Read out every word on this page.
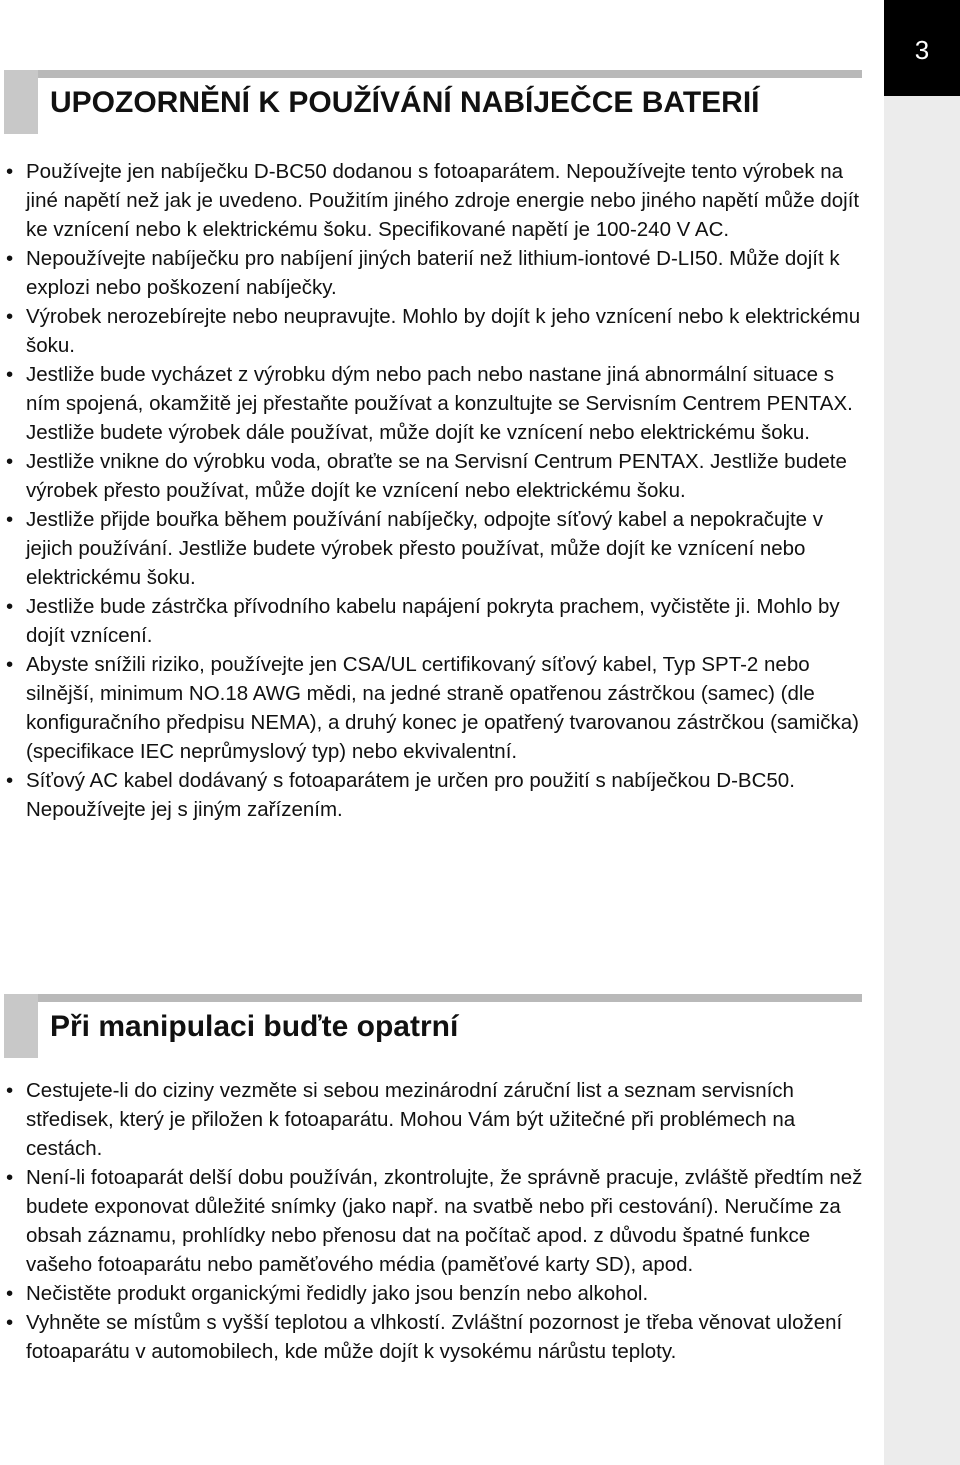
3
UPOZORNĚNÍ K POUŽÍVÁNÍ NABÍJEČCE BATERIÍ
• Používejte jen nabíječku D-BC50 dodanou s fotoaparátem. Nepoužívejte tento výrobek na jiné napětí než jak je uvedeno. Použitím jiného zdroje energie nebo jiného napětí může dojít ke vznícení nebo k elektrickému šoku. Specifikované napětí je 100-240 V AC.
• Nepoužívejte nabíječku pro nabíjení jiných baterií než lithium-iontové D-LI50. Může dojít k explozi nebo poškození nabíječky.
• Výrobek nerozebírejte nebo neupravujte. Mohlo by dojít k jeho vznícení nebo k elektrickému šoku.
• Jestliže bude vycházet z výrobku dým nebo pach nebo nastane jiná abnormální situace s ním spojená, okamžitě jej přestaňte používat a konzultujte se Servisním Centrem PENTAX. Jestliže budete výrobek dále používat, může dojít ke vznícení nebo elektrickému šoku.
• Jestliže vnikne do výrobku voda, obraťte se na Servisní Centrum PENTAX. Jestliže budete výrobek přesto používat, může dojít ke vznícení nebo elektrickému šoku.
• Jestliže přijde bouřka během používání nabíječky, odpojte síťový kabel a nepokračujte v jejich používání. Jestliže budete výrobek přesto používat, může dojít ke vznícení nebo elektrickému šoku.
• Jestliže bude zástrčka přívodního kabelu napájení pokryta prachem, vyčistěte ji. Mohlo by dojít vznícení.
• Abyste snížili riziko, používejte jen CSA/UL certifikovaný síťový kabel, Typ SPT-2 nebo silnější, minimum NO.18 AWG mědi, na jedné straně opatřenou zástrčkou (samec) (dle konfiguračního předpisu NEMA), a druhý konec je opatřený tvarovanou zástrčkou (samička) (specifikace IEC neprůmyslový typ) nebo ekvivalentní.
• Síťový AC kabel dodávaný s fotoaparátem je určen pro použití s nabíječkou D-BC50. Nepoužívejte jej s jiným zařízením.
Při manipulaci buďte opatrní
• Cestujete-li do ciziny vezměte si sebou mezinárodní záruční list a seznam servisních středisek, který je přiložen k fotoaparátu. Mohou Vám být užitečné při problémech na cestách.
• Není-li fotoaparát delší dobu používán, zkontrolujte, že správně pracuje, zvláště předtím než budete exponovat důležité snímky (jako např. na svatbě nebo při cestování). Neručíme za obsah záznamu, prohlídky nebo přenosu dat na počítač apod. z důvodu špatné funkce vašeho fotoaparátu nebo paměťového média (paměťové karty SD), apod.
• Nečistěte produkt organickými ředidly jako jsou benzín nebo alkohol.
• Vyhněte se místům s vyšší teplotou a vlhkostí. Zvláštní pozornost je třeba věnovat uložení fotoaparátu v automobilech, kde může dojít k vysokému nárůstu teploty.
